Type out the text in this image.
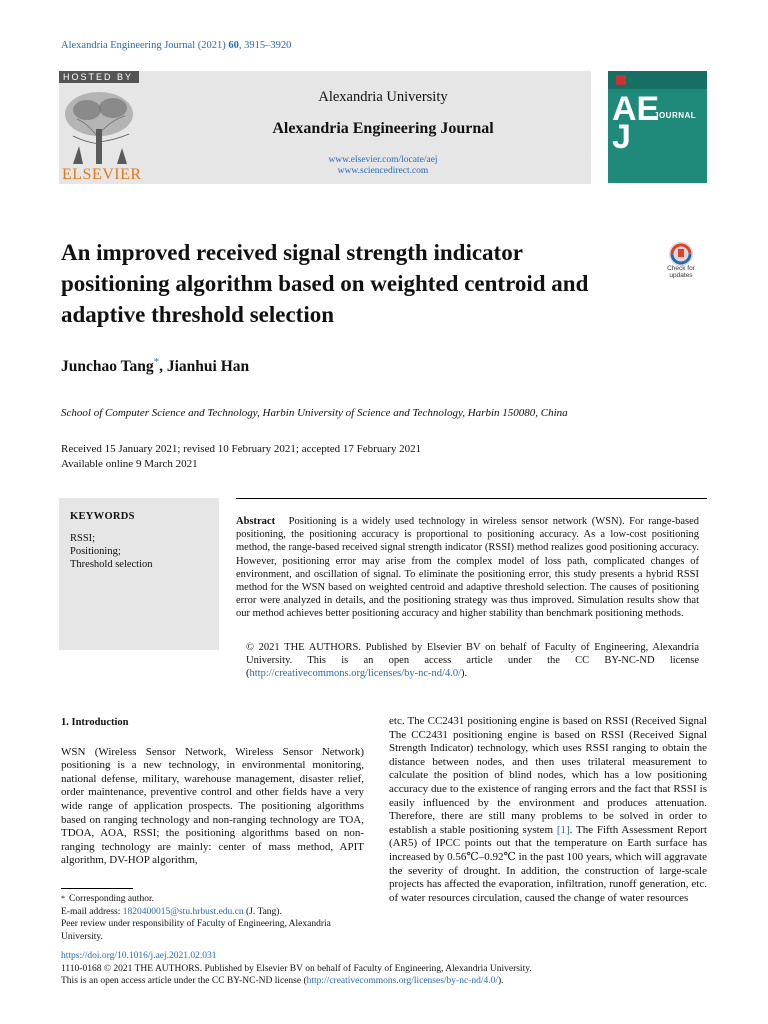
Alexandria Engineering Journal (2021) 60, 3915–3920
HOSTED BY
ELSEVIER
Alexandria University
Alexandria Engineering Journal
www.elsevier.com/locate/aej
www.sciencedirect.com
AE
J
JOURNAL
An improved received signal strength indicator positioning algorithm based on weighted centroid and adaptive threshold selection
Check for updates
Junchao Tang*, Jianhui Han
School of Computer Science and Technology, Harbin University of Science and Technology, Harbin 150080, China
Received 15 January 2021; revised 10 February 2021; accepted 17 February 2021
Available online 9 March 2021
KEYWORDS
RSSI;
Positioning;
Threshold selection
Abstract Positioning is a widely used technology in wireless sensor network (WSN). For range-based positioning, the positioning accuracy is proportional to positioning accuracy. As a low-cost positioning method, the range-based received signal strength indicator (RSSI) method realizes good positioning accuracy. However, positioning error may arise from the complex model of loss path, complicated changes of environment, and oscillation of signal. To eliminate the positioning error, this study presents a hybrid RSSI method for the WSN based on weighted centroid and adaptive threshold selection. The causes of positioning error were analyzed in details, and the positioning strategy was thus improved. Simulation results show that our method achieves better positioning accuracy and higher stability than benchmark positioning methods.
© 2021 THE AUTHORS. Published by Elsevier BV on behalf of Faculty of Engineering, Alexandria University. This is an open access article under the CC BY-NC-ND license (http://creativecommons.org/licenses/by-nc-nd/4.0/).
1. Introduction
WSN (Wireless Sensor Network, Wireless Sensor Network) positioning is a new technology, in environmental monitoring, national defense, military, warehouse management, disaster relief, order maintenance, preventive control and other fields have a very wide range of application prospects. The positioning algorithms based on ranging technology and non-ranging technology are TOA, TDOA, AOA, RSSI; the positioning algorithms based on non-ranging technology are mainly: center of mass method, APIT algorithm, DV-HOP algorithm,
etc. The CC2431 positioning engine is based on RSSI (Received Signal The CC2431 positioning engine is based on RSSI (Received Signal Strength Indicator) technology, which uses RSSI ranging to obtain the distance between nodes, and then uses trilateral measurement to calculate the position of blind nodes, which has a low positioning accuracy due to the existence of ranging errors and the fact that RSSI is easily influenced by the environment and produces attenuation. Therefore, there are still many problems to be solved in order to establish a stable positioning system [1]. The Fifth Assessment Report (AR5) of IPCC points out that the temperature on Earth surface has increased by 0.56℃–0.92℃ in the past 100 years, which will aggravate the severity of drought. In addition, the construction of large-scale projects has affected the evaporation, infiltration, runoff generation, etc. of water resources circulation, caused the change of water resources
* Corresponding author.
E-mail address: 1820400015@stu.hrbust.edu.cn (J. Tang).
Peer review under responsibility of Faculty of Engineering, Alexandria University.
https://doi.org/10.1016/j.aej.2021.02.031
1110-0168 © 2021 THE AUTHORS. Published by Elsevier BV on behalf of Faculty of Engineering, Alexandria University.
This is an open access article under the CC BY-NC-ND license (http://creativecommons.org/licenses/by-nc-nd/4.0/).
